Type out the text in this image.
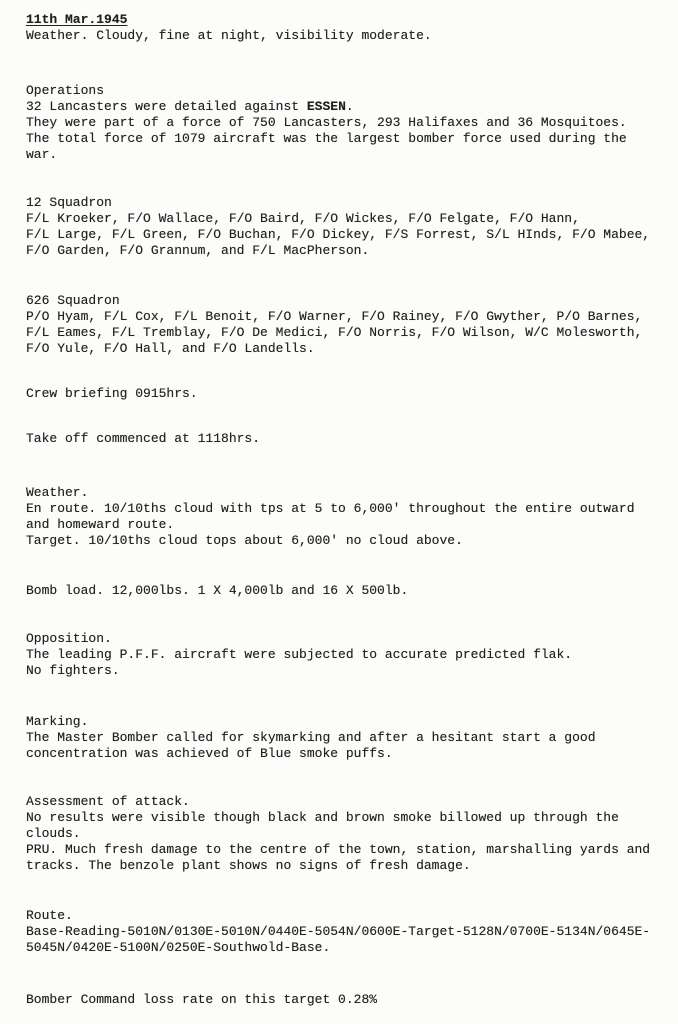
11th Mar.1945
Weather. Cloudy, fine at night, visibility moderate.
Operations
32 Lancasters were detailed against ESSEN.
They were part of a force of 750 Lancasters, 293 Halifaxes and 36 Mosquitoes.
The total force of 1079 aircraft was the largest bomber force used during the
war.
12 Squadron
F/L Kroeker, F/O Wallace, F/O Baird, F/O Wickes, F/O Felgate, F/O Hann,
F/L Large, F/L Green, F/O Buchan, F/O Dickey, F/S Forrest, S/L HInds, F/O Mabee,
F/O Garden, F/O Grannum, and F/L MacPherson.
626 Squadron
P/O Hyam, F/L Cox, F/L Benoit, F/O Warner, F/O Rainey, F/O Gwyther, P/O Barnes,
F/L Eames, F/L Tremblay, F/O De Medici, F/O Norris, F/O Wilson, W/C Molesworth,
F/O Yule, F/O Hall, and F/O Landells.
Crew briefing 0915hrs.
Take off commenced at 1118hrs.
Weather.
En route. 10/10ths cloud with tps at 5 to 6,000' throughout the entire outward
and homeward route.
Target. 10/10ths cloud tops about 6,000' no cloud above.
Bomb load. 12,000lbs. 1 X 4,000lb and 16 X 500lb.
Opposition.
The leading P.F.F. aircraft were subjected to accurate predicted flak.
No fighters.
Marking.
The Master Bomber called for skymarking and after a hesitant start a good
concentration was achieved of Blue smoke puffs.
Assessment of attack.
No results were visible though black and brown smoke billowed up through the
clouds.
PRU. Much fresh damage to the centre of the town, station, marshalling yards and
tracks. The benzole plant shows no signs of fresh damage.
Route.
Base-Reading-5010N/0130E-5010N/0440E-5054N/0600E-Target-5128N/0700E-5134N/0645E-
5045N/0420E-5100N/0250E-Southwold-Base.
Bomber Command loss rate on this target 0.28%
